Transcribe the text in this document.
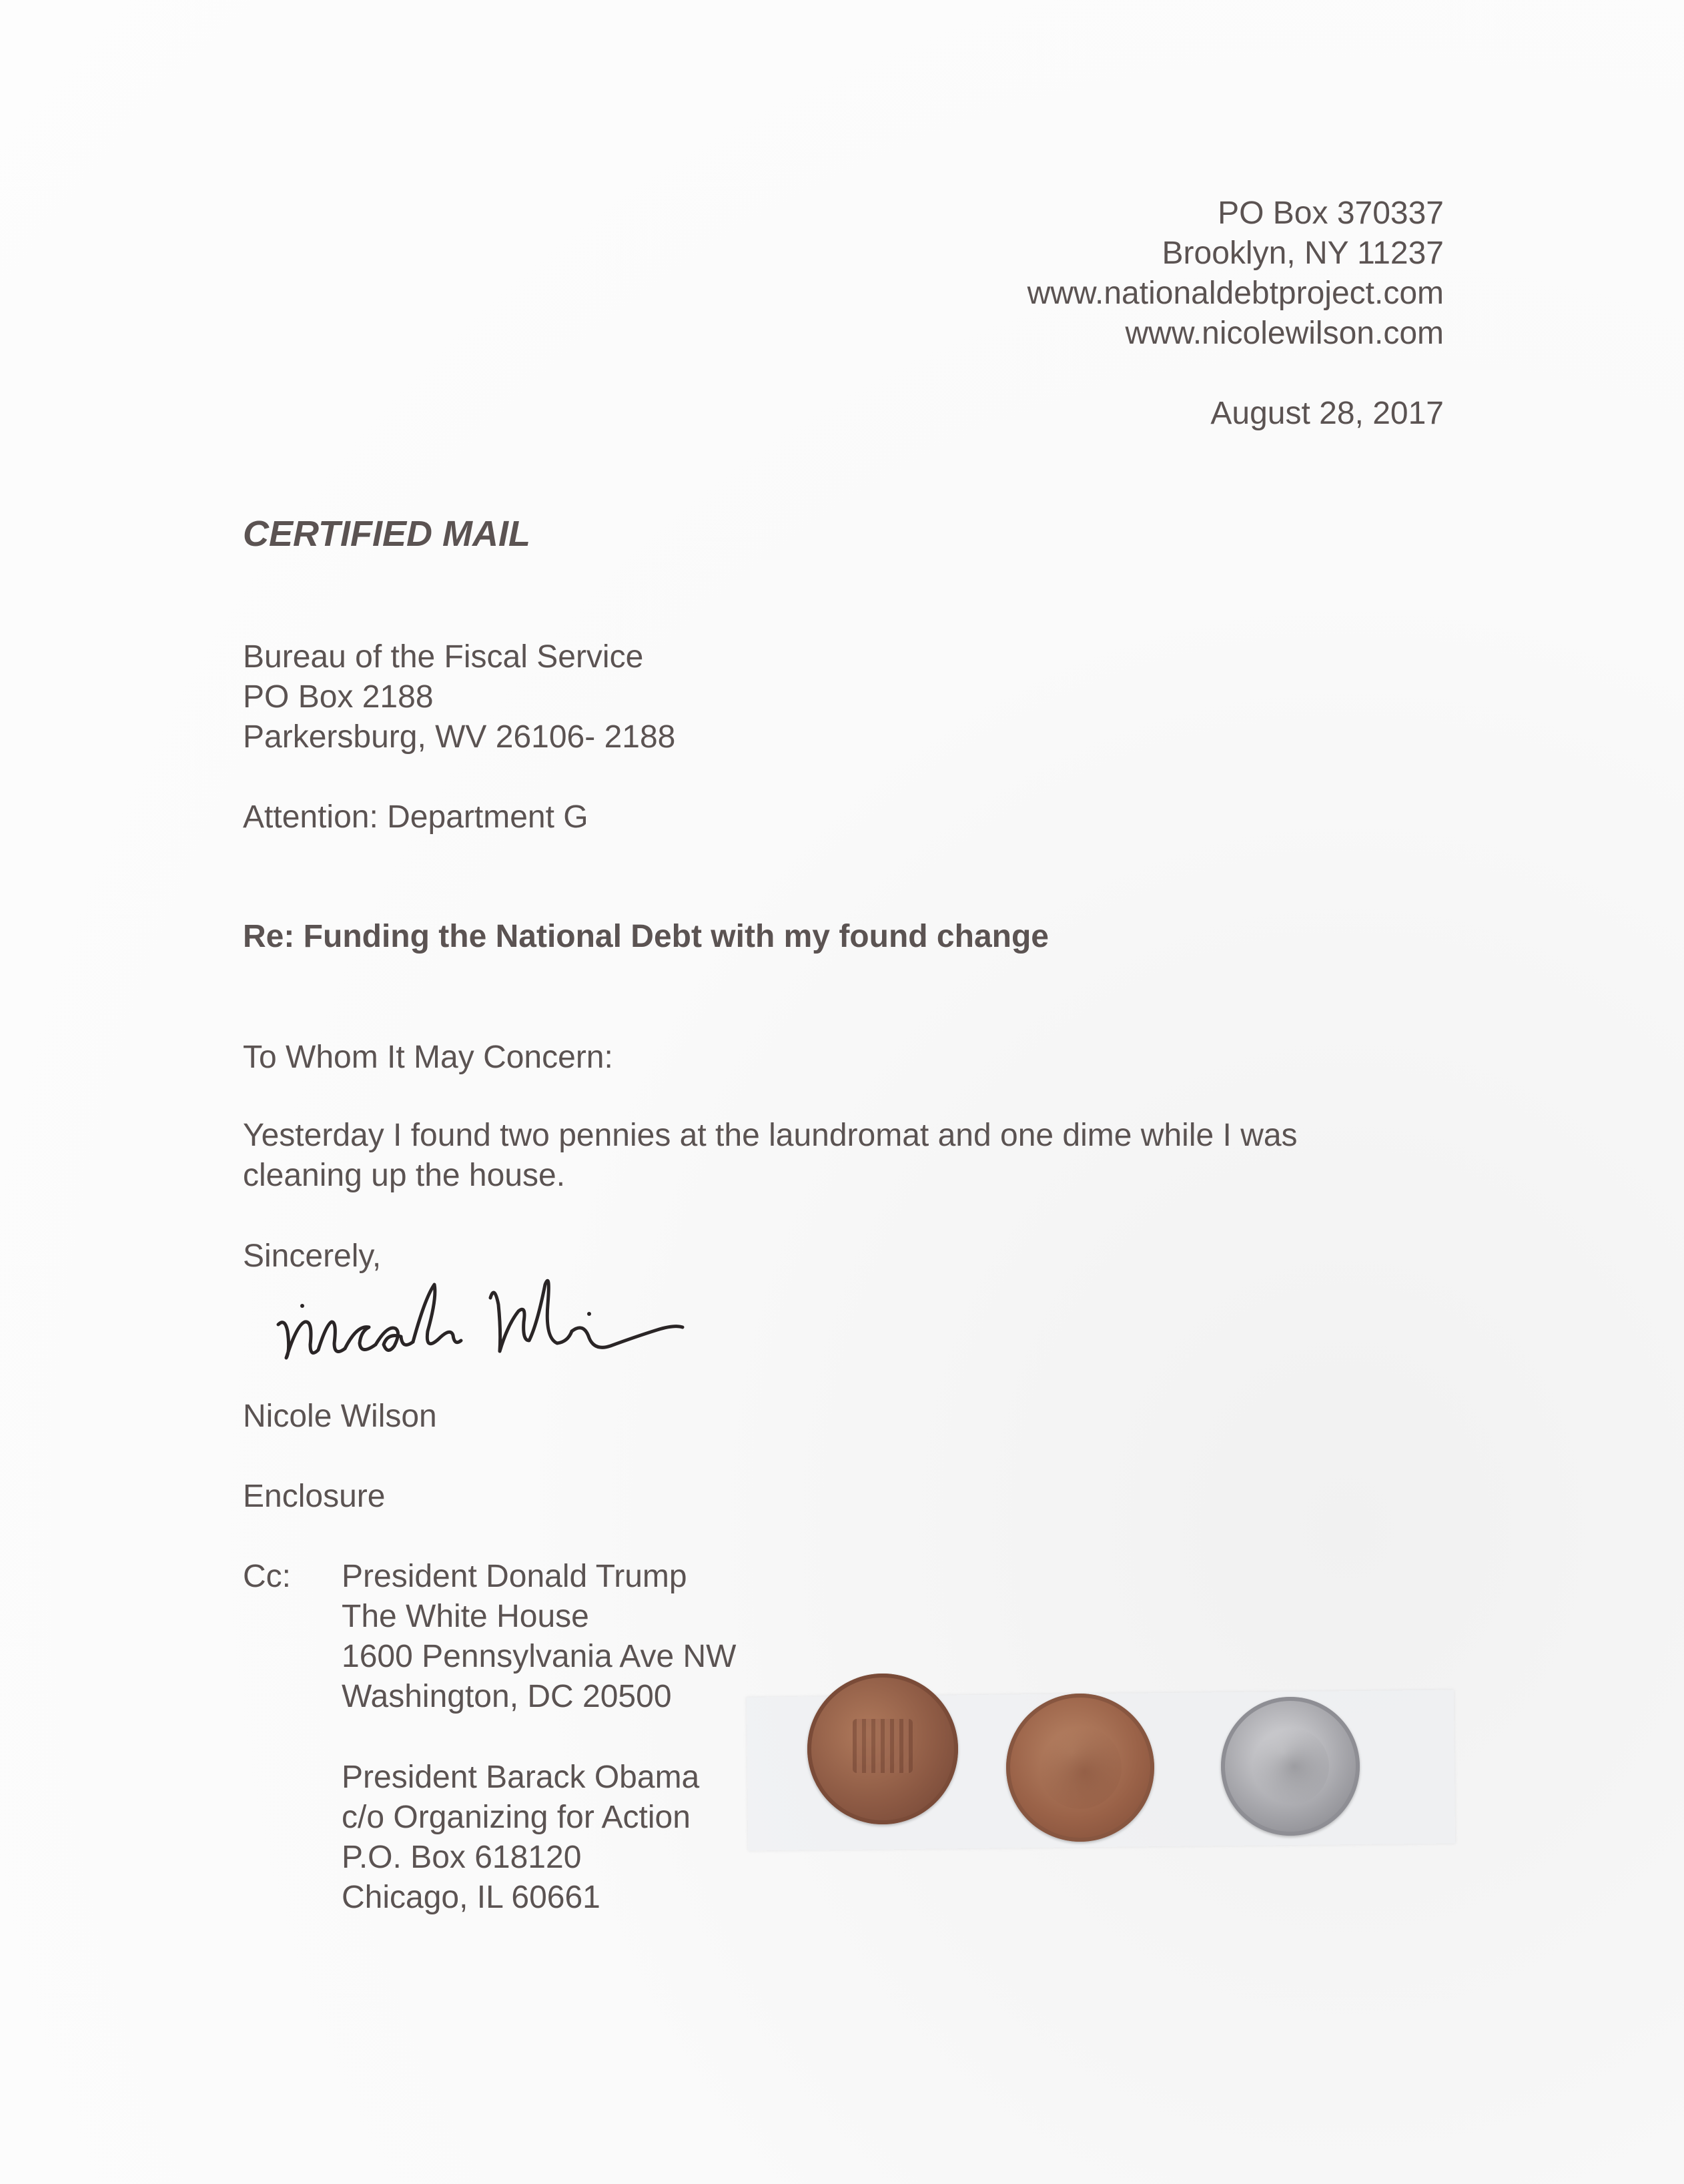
PO Box 370337
Brooklyn, NY 11237
www.nationaldebtproject.com
www.nicolewilson.com

August 28, 2017

CERTIFIED MAIL

Bureau of the Fiscal Service
PO Box 2188
Parkersburg, WV 26106- 2188

Attention: Department G

Re: Funding the National Debt with my found change

To Whom It May Concern:

Yesterday I found two pennies at the laundromat and one dime while I was
cleaning up the house.

Sincerely,

Nicole Wilson

Enclosure

Cc: President Donald Trump
The White House
1600 Pennsylvania Ave NW
Washington, DC 20500
President Barack Obama
c/o Organizing for Action
P.O. Box 618120
Chicago, IL 60661
